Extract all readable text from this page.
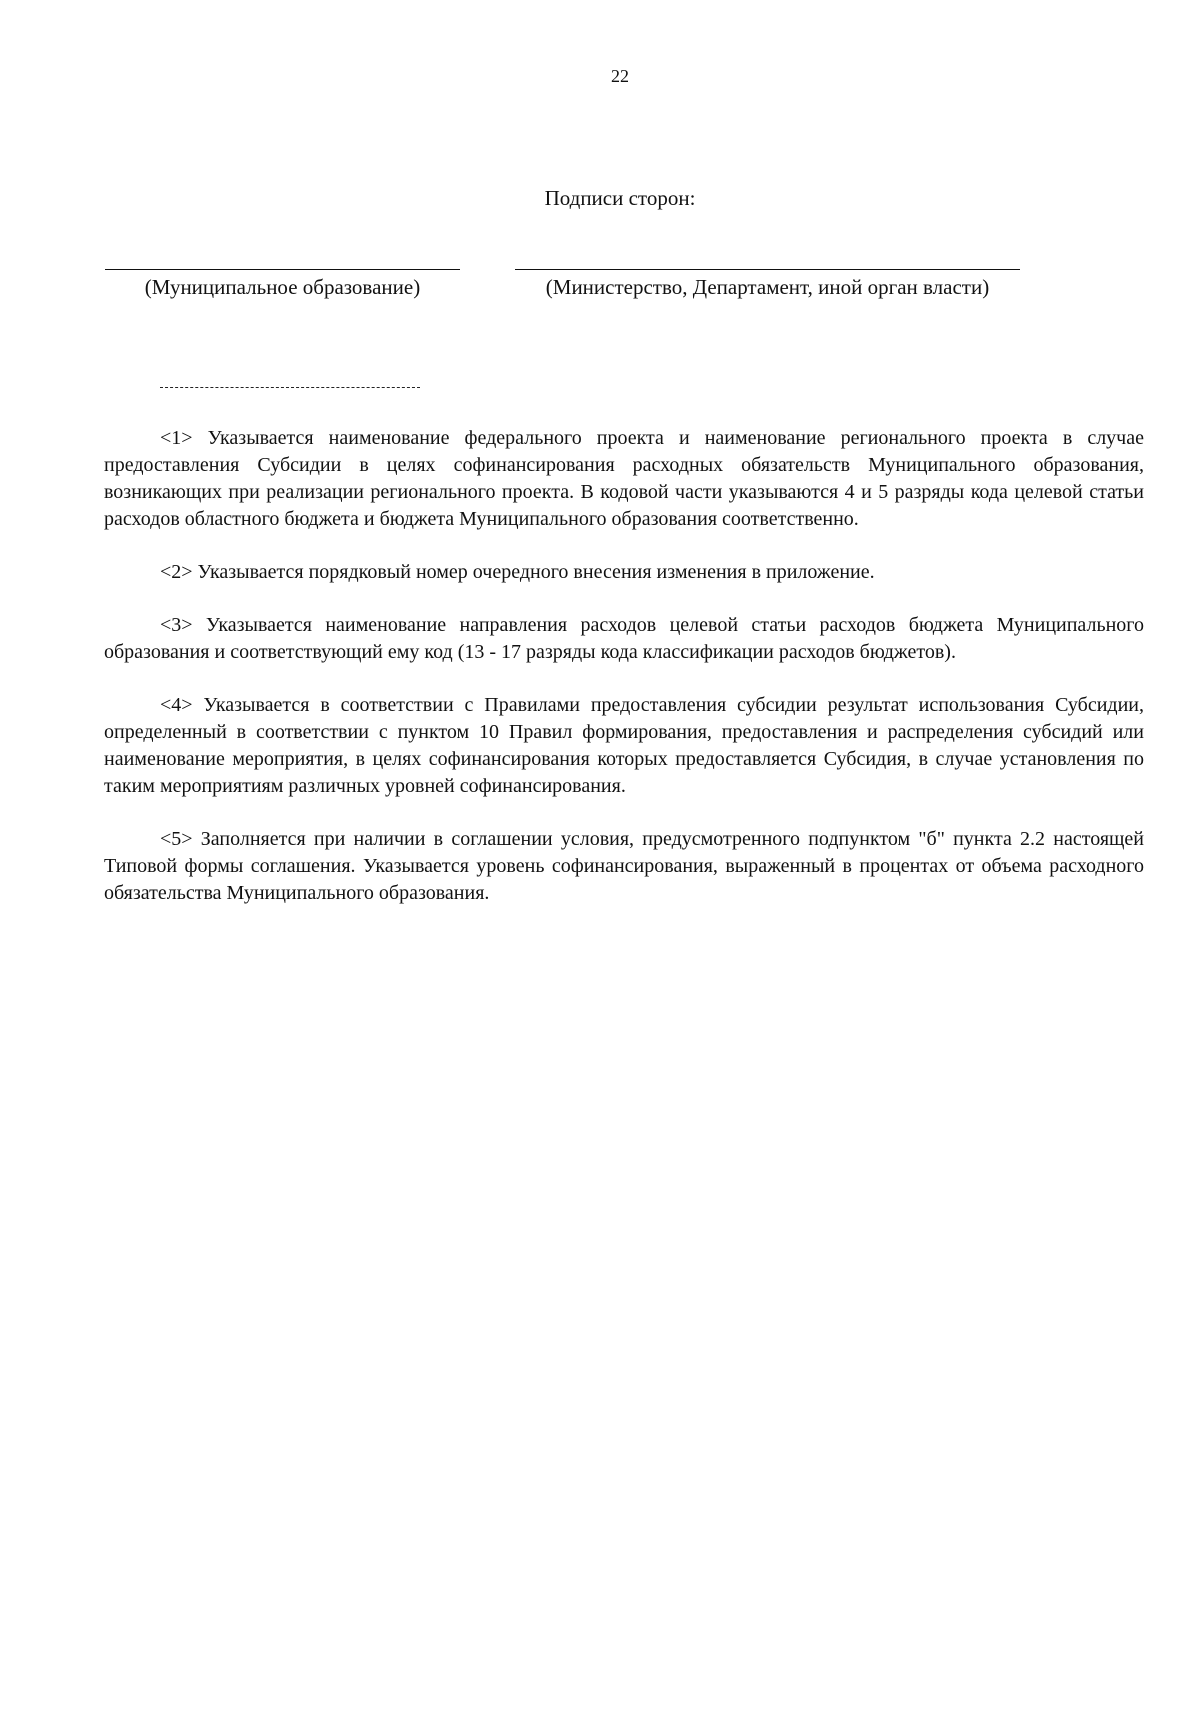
22
Подписи сторон:
(Муниципальное образование)	(Министерство, Департамент, иной орган власти)

<1> Указывается наименование федерального проекта и наименование регионального проекта в случае предоставления Субсидии в целях софинансирования расходных обязательств Муниципального образования, возникающих при реализации регионального проекта. В кодовой части указываются 4 и 5 разряды кода целевой статьи расходов областного бюджета и бюджета Муниципального образования соответственно.

<2> Указывается порядковый номер очередного внесения изменения в приложение.

<3> Указывается наименование направления расходов целевой статьи расходов бюджета Муниципального образования и соответствующий ему код (13 - 17 разряды кода классификации расходов бюджетов).

<4> Указывается в соответствии с Правилами предоставления субсидии результат использования Субсидии, определенный в соответствии с пунктом 10 Правил формирования, предоставления и распределения субсидий или наименование мероприятия, в целях софинансирования которых предоставляется Субсидия, в случае установления по таким мероприятиям различных уровней софинансирования.

<5> Заполняется при наличии в соглашении условия, предусмотренного подпунктом "б" пункта 2.2 настоящей Типовой формы соглашения. Указывается уровень софинансирования, выраженный в процентах от объема расходного обязательства Муниципального образования.
